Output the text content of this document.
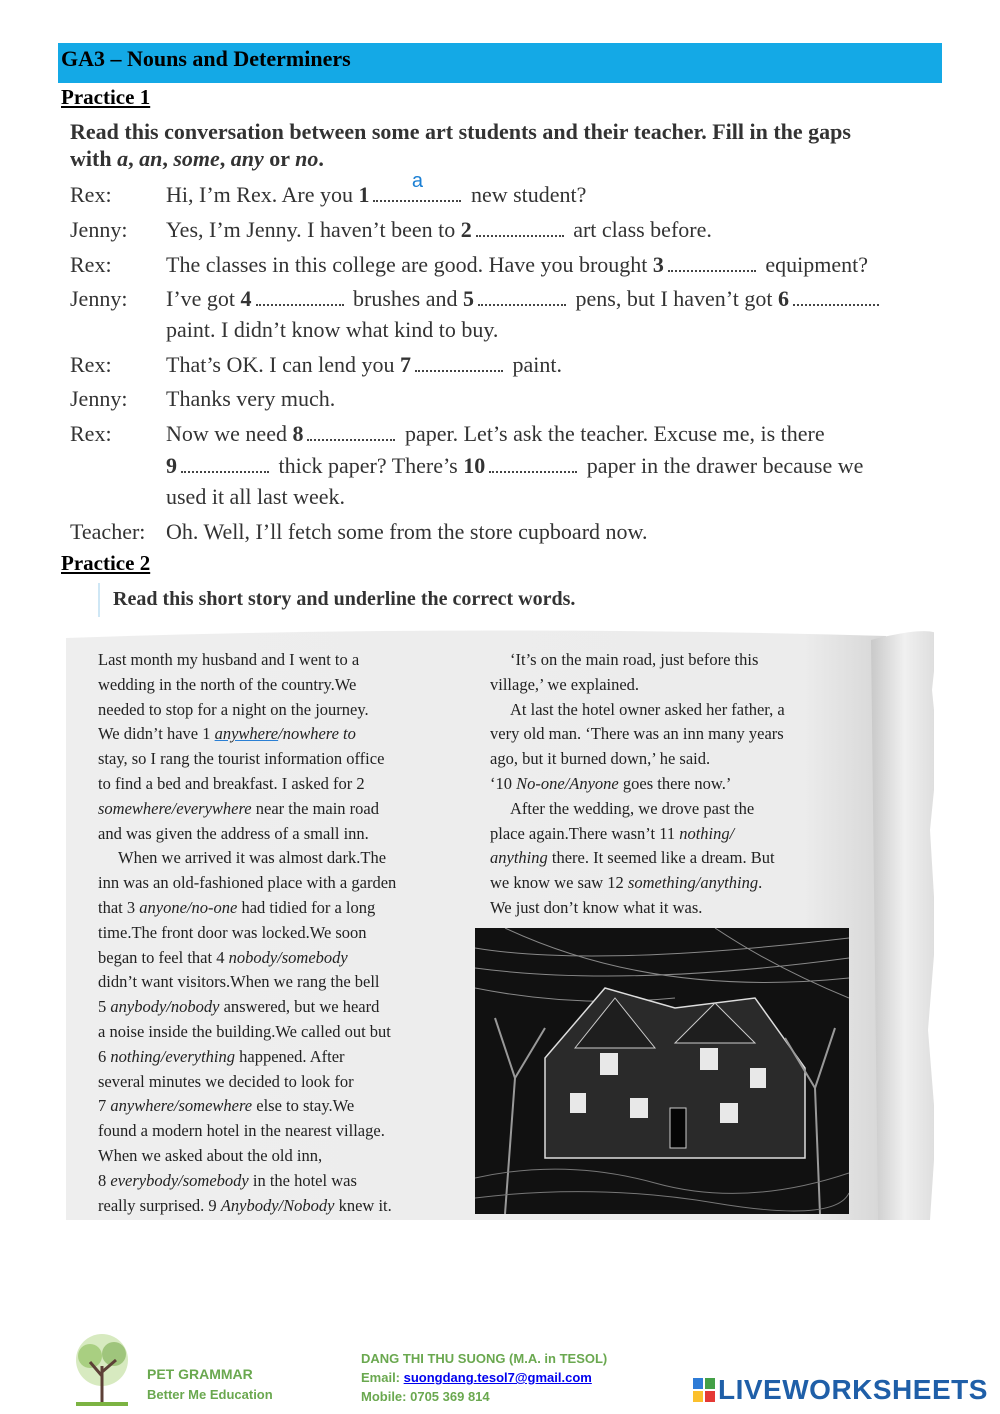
GA3 – Nouns and Determiners
Practice 1
Read this conversation between some art students and their teacher. Fill in the gaps
with a, an, some, any or no.
Rex: Hi, I’m Rex. Are you 1
a	new student?
Jenny: Yes, I’m Jenny. I haven’t been to 2	art class before.
Rex: The classes in this college are good. Have you brought 3	equipment?
Jenny: I’ve got 4	brushes and 5	pens, but I haven’t got 6
paint. I didn’t know what kind to buy.
Rex: That’s OK. I can lend you 7	paint.
Jenny: Thanks very much.
Rex: Now we need 8	paper. Let’s ask the teacher. Excuse me, is there
9	thick paper? There’s 10	paper in the drawer because we
used it all last week.
Teacher: Oh. Well, I’ll fetch some from the store cupboard now.
Practice 2
Read this short story and underline the correct words.

Last month my husband and I went to a

wedding in the north of the country.We

needed to stop for a night on the journey.

We didn’t have 1 anywhere/nowhere to

stay, so I rang the tourist information office

to find a bed and breakfast. I asked for 2

somewhere/everywhere near the main road

and was given the address of a small inn.

When we arrived it was almost dark.The

inn was an old-fashioned place with a garden

that 3 anyone/no-one had tidied for a long

time.The front door was locked.We soon

began to feel that 4 nobody/somebody

didn’t want visitors.When we rang the bell

5 anybody/nobody answered, but we heard

a noise inside the building.We called out but

6 nothing/everything happened. After

several minutes we decided to look for

7 anywhere/somewhere else to stay.We

found a modern hotel in the nearest village.

When we asked about the old inn,

8 everybody/somebody in the hotel was

really surprised. 9 Anybody/Nobody knew it.

‘It’s on the main road, just before this

village,’ we explained.

At last the hotel owner asked her father, a

very old man. ‘There was an inn many years

ago, but it burned down,’ he said.

‘10 No-one/Anyone goes there now.’

After the wedding, we drove past the

place again.There wasn’t 11 nothing/

anything there. It seemed like a dream. But

we know we saw 12 something/anything.

We just don’t know what it was.

PET GRAMMAR
Better Me Education
DANG THI THU SUONG (M.A. in TESOL)
Email: suongdang.tesol7@gmail.com
Mobile: 0705 369 814	LIVEWORKSHEETS
